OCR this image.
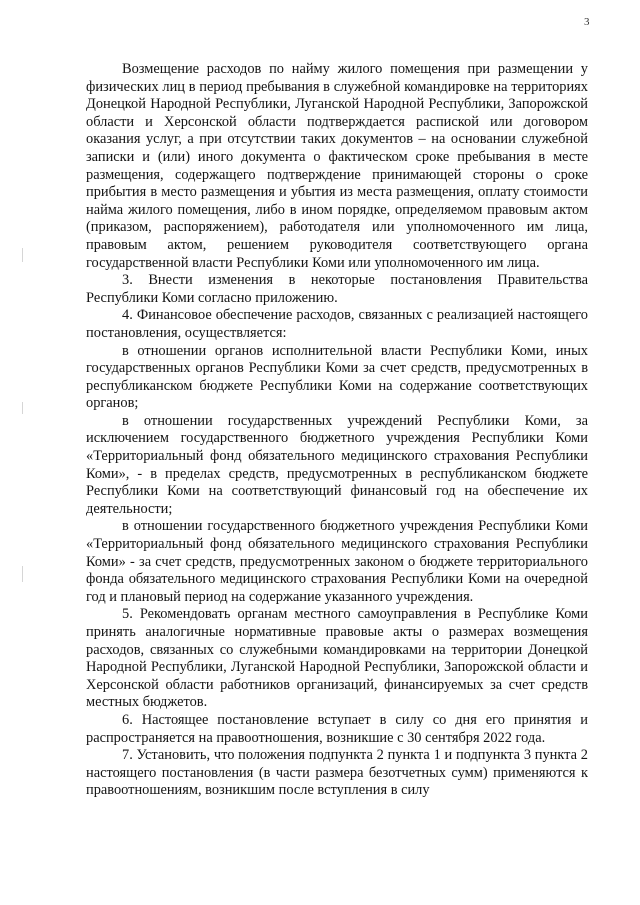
3

Возмещение расходов по найму жилого помещения при размещении у физических лиц в период пребывания в служебной командировке на территориях Донецкой Народной Республики, Луганской Народной Республики, Запорожской области и Херсонской области подтверждается распиской или договором оказания услуг, а при отсутствии таких документов – на основании служебной записки и (или) иного документа о фактическом сроке пребывания в месте размещения, содержащего подтверждение принимающей стороны о сроке прибытия в место размещения и убытия из места размещения, оплату стоимости найма жилого помещения, либо в ином порядке, определяемом правовым актом (приказом, распоряжением), работодателя или уполномоченного им лица, правовым актом, решением руководителя соответствующего органа государственной власти Республики Коми или уполномоченного им лица.

3. Внести изменения в некоторые постановления Правительства Республики Коми согласно приложению.

4. Финансовое обеспечение расходов, связанных с реализацией настоящего постановления, осуществляется:

в отношении органов исполнительной власти Республики Коми, иных государственных органов Республики Коми за счет средств, предусмотренных в республиканском бюджете Республики Коми на содержание соответствующих органов;

в отношении государственных учреждений Республики Коми, за исключением государственного бюджетного учреждения Республики Коми «Территориальный фонд обязательного медицинского страхования Республики Коми», - в пределах средств, предусмотренных в республиканском бюджете Республики Коми на соответствующий финансовый год на обеспечение их деятельности;

в отношении государственного бюджетного учреждения Республики Коми «Территориальный фонд обязательного медицинского страхования Республики Коми» - за счет средств, предусмотренных законом о бюджете территориального фонда обязательного медицинского страхования Республики Коми на очередной год и плановый период на содержание указанного учреждения.

5. Рекомендовать органам местного самоуправления в Республике Коми принять аналогичные нормативные правовые акты о размерах возмещения расходов, связанных со служебными командировками на территории Донецкой Народной Республики, Луганской Народной Республики, Запорожской области и Херсонской области работников организаций, финансируемых за счет средств местных бюджетов.

6. Настоящее постановление вступает в силу со дня его принятия и распространяется на правоотношения, возникшие с 30 сентября 2022 года.

7. Установить, что положения подпункта 2 пункта 1 и подпункта 3 пункта 2 настоящего постановления (в части размера безотчетных сумм) применяются к правоотношениям, возникшим после вступления в силу
